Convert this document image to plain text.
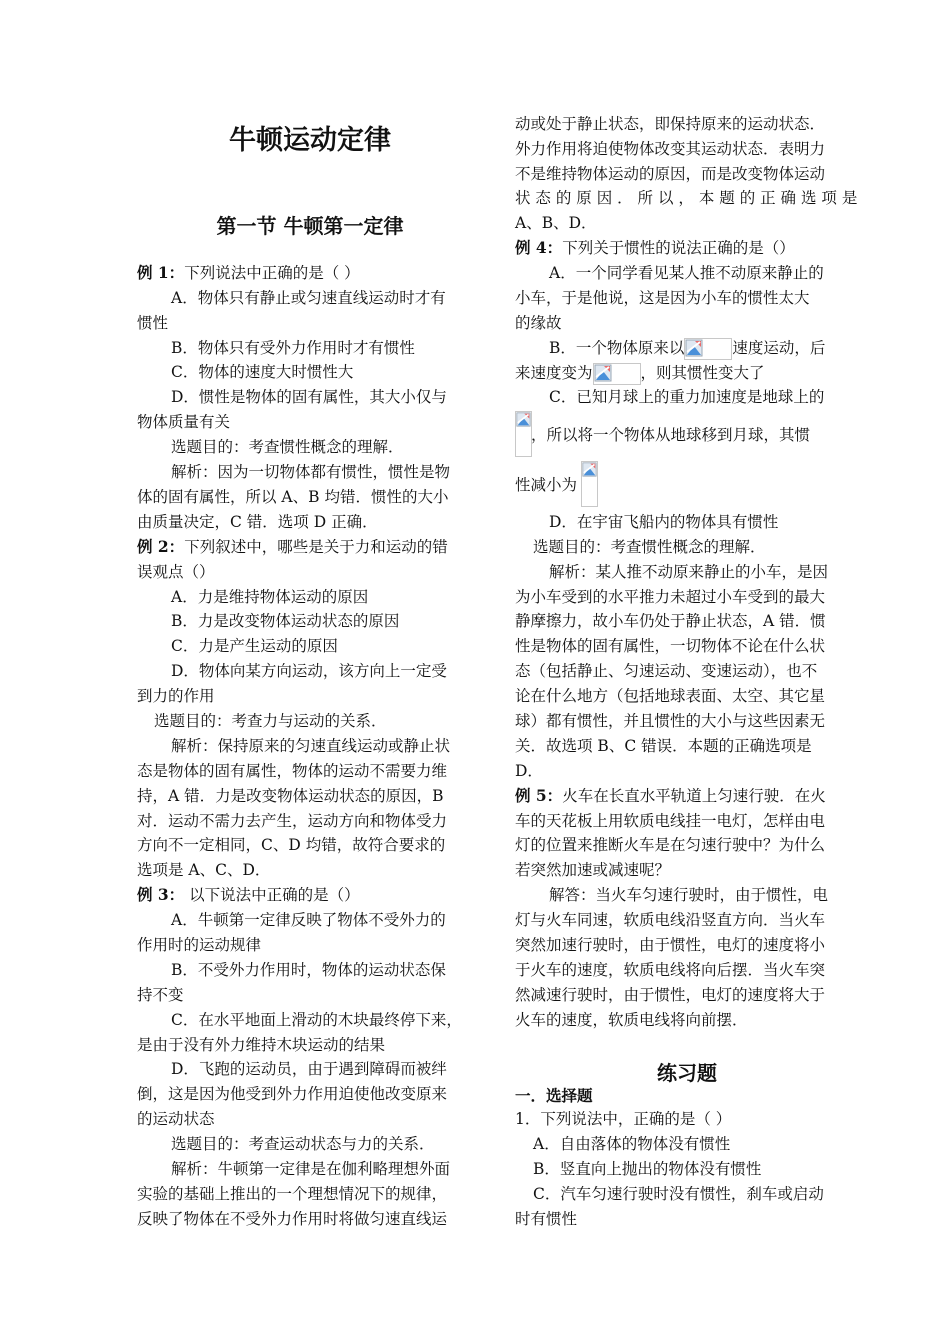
牛顿运动定律
第一节 牛顿第一定律
例 1：下列说法中正确的是（ ）
A．物体只有静止或匀速直线运动时才有
惯性
B．物体只有受外力作用时才有惯性
C．物体的速度大时惯性大
D．惯性是物体的固有属性，其大小仅与
物体质量有关
选题目的：考查惯性概念的理解．
解析：因为一切物体都有惯性，惯性是物
体的固有属性，所以 A、B 均错．惯性的大小
由质量决定，C 错．选项 D 正确．
例 2：下列叙述中，哪些是关于力和运动的错
误观点（）
A．力是维持物体运动的原因
B．力是改变物体运动状态的原因
C．力是产生运动的原因
D．物体向某方向运动，该方向上一定受
到力的作用
选题目的：考查力与运动的关系．
解析：保持原来的匀速直线运动或静止状
态是物体的固有属性，物体的运动不需要力维
持，A 错．力是改变物体运动状态的原因，B
对．运动不需力去产生，运动方向和物体受力
方向不一定相同，C、D 均错，故符合要求的
选项是 A、C、D．
例 3： 以下说法中正确的是（）
A．牛顿第一定律反映了物体不受外力的
作用时的运动规律
B．不受外力作用时，物体的运动状态保
持不变
C．在水平地面上滑动的木块最终停下来，
是由于没有外力维持木块运动的结果
D．飞跑的运动员，由于遇到障碍而被绊
倒，这是因为他受到外力作用迫使他改变原来
的运动状态
选题目的：考查运动状态与力的关系．
解析：牛顿第一定律是在伽利略理想外面
实验的基础上推出的一个理想情况下的规律，
反映了物体在不受外力作用时将做匀速直线运
动或处于静止状态，即保持原来的运动状态．
外力作用将迫使物体改变其运动状态．表明力
不是维持物体运动的原因，而是改变物体运动
状 态 的 原 因 ． 所 以 ， 本 题 的 正 确 选 项 是
A、B、D．
例 4：下列关于惯性的说法正确的是（）
A．一个同学看见某人推不动原来静止的
小车，于是他说，这是因为小车的惯性太大
的缘故
B．一个物体原来以	速度运动，后
来速度变为	，则其惯性变大了
C．已知月球上的重力加速度是地球上的
，所以将一个物体从地球移到月球，其惯
性减小为
D．在宇宙飞船内的物体具有惯性
选题目的：考查惯性概念的理解．
解析：某人推不动原来静止的小车，是因
为小车受到的水平推力未超过小车受到的最大
静摩擦力，故小车仍处于静止状态，A 错．惯
性是物体的固有属性，一切物体不论在什么状
态（包括静止、匀速运动、变速运动），也不
论在什么地方（包括地球表面、太空、其它星
球）都有惯性，并且惯性的大小与这些因素无
关．故选项 B、C 错误．本题的正确选项是
D．
例 5：火车在长直水平轨道上匀速行驶．在火
车的天花板上用软质电线挂一电灯，怎样由电
灯的位置来推断火车是在匀速行驶中？为什么
若突然加速或减速呢？
解答：当火车匀速行驶时，由于惯性，电
灯与火车同速，软质电线沿竖直方向．当火车
突然加速行驶时，由于惯性，电灯的速度将小
于火车的速度，软质电线将向后摆．当火车突
然减速行驶时，由于惯性，电灯的速度将大于
火车的速度，软质电线将向前摆．
练习题
一．选择题
1．下列说法中，正确的是（ ）
A．自由落体的物体没有惯性
B．竖直向上抛出的物体没有惯性
C．汽车匀速行驶时没有惯性，刹车或启动
时有惯性
